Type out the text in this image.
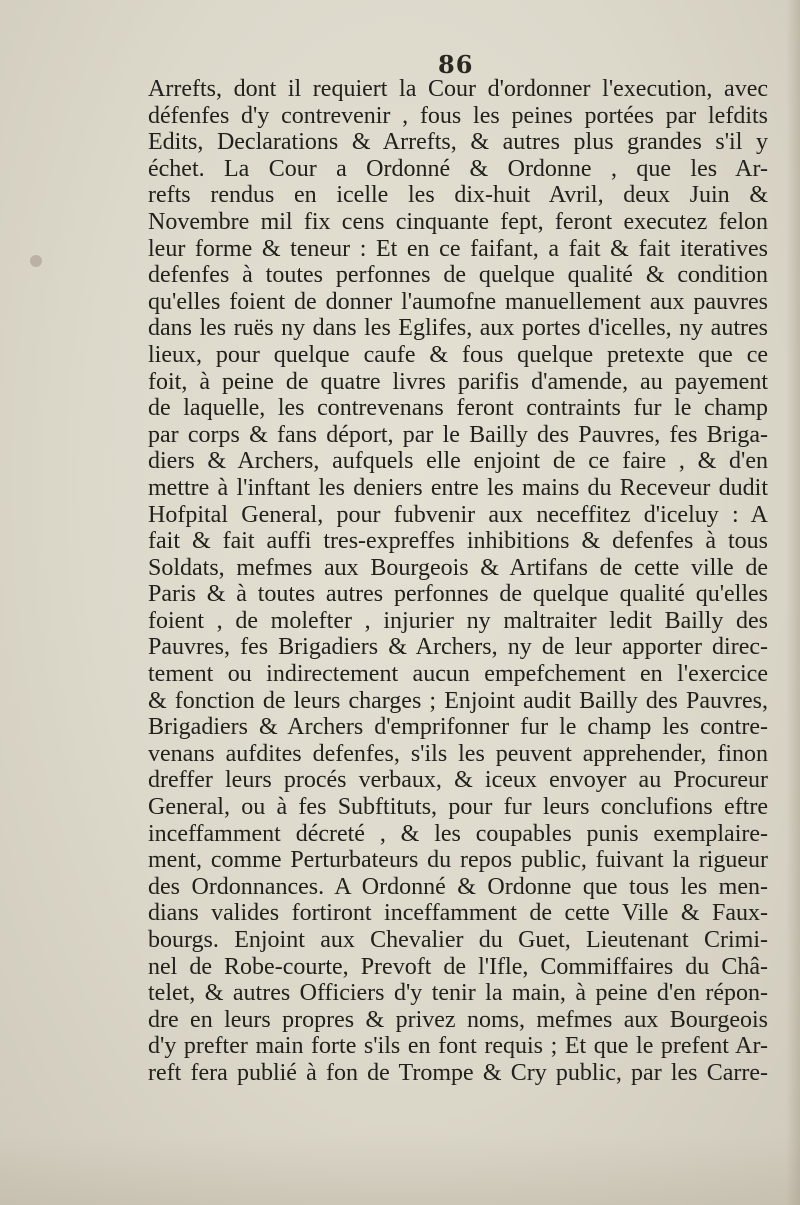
86
Arrefts, dont il requiert la Cour d'ordonner l'execution, avec
défenfes d'y contrevenir , fous les peines portées par lefdits
Edits, Declarations & Arrefts, & autres plus grandes s'il y
échet. La Cour a Ordonné & Ordonne , que les Ar-
refts rendus en icelle les dix-huit Avril, deux Juin &
Novembre mil fix cens cinquante fept, feront executez felon
leur forme & teneur : Et en ce faifant, a fait & fait iteratives
defenfes à toutes perfonnes de quelque qualité & condition
qu'elles foient de donner l'aumofne manuellement aux pauvres
dans les ruës ny dans les Eglifes, aux portes d'icelles, ny autres
lieux, pour quelque caufe & fous quelque pretexte que ce
foit, à peine de quatre livres parifis d'amende, au payement
de laquelle, les contrevenans feront contraints fur le champ
par corps & fans déport, par le Bailly des Pauvres, fes Briga-
diers & Archers, aufquels elle enjoint de ce faire , & d'en
mettre à l'inftant les deniers entre les mains du Receveur dudit
Hofpital General, pour fubvenir aux neceffitez d'iceluy : A
fait & fait auffi tres-expreffes inhibitions & defenfes à tous
Soldats, mefmes aux Bourgeois & Artifans de cette ville de
Paris & à toutes autres perfonnes de quelque qualité qu'elles
foient , de molefter , injurier ny maltraiter ledit Bailly des
Pauvres, fes Brigadiers & Archers, ny de leur apporter direc-
tement ou indirectement aucun empefchement en l'exercice
& fonction de leurs charges ; Enjoint audit Bailly des Pauvres,
Brigadiers & Archers d'emprifonner fur le champ les contre-
venans aufdites defenfes, s'ils les peuvent apprehender, finon
dreffer leurs procés verbaux, & iceux envoyer au Procureur
General, ou à fes Subftituts, pour fur leurs conclufions eftre
inceffamment décreté , & les coupables punis exemplaire-
ment, comme Perturbateurs du repos public, fuivant la rigueur
des Ordonnances. A Ordonné & Ordonne que tous les men-
dians valides fortiront inceffamment de cette Ville & Faux-
bourgs. Enjoint aux Chevalier du Guet, Lieutenant Crimi-
nel de Robe-courte, Prevoft de l'Ifle, Commiffaires du Châ-
telet, & autres Officiers d'y tenir la main, à peine d'en répon-
dre en leurs propres & privez noms, mefmes aux Bourgeois
d'y prefter main forte s'ils en font requis ; Et que le prefent Ar-
reft fera publié à fon de Trompe & Cry public, par les Carre-
